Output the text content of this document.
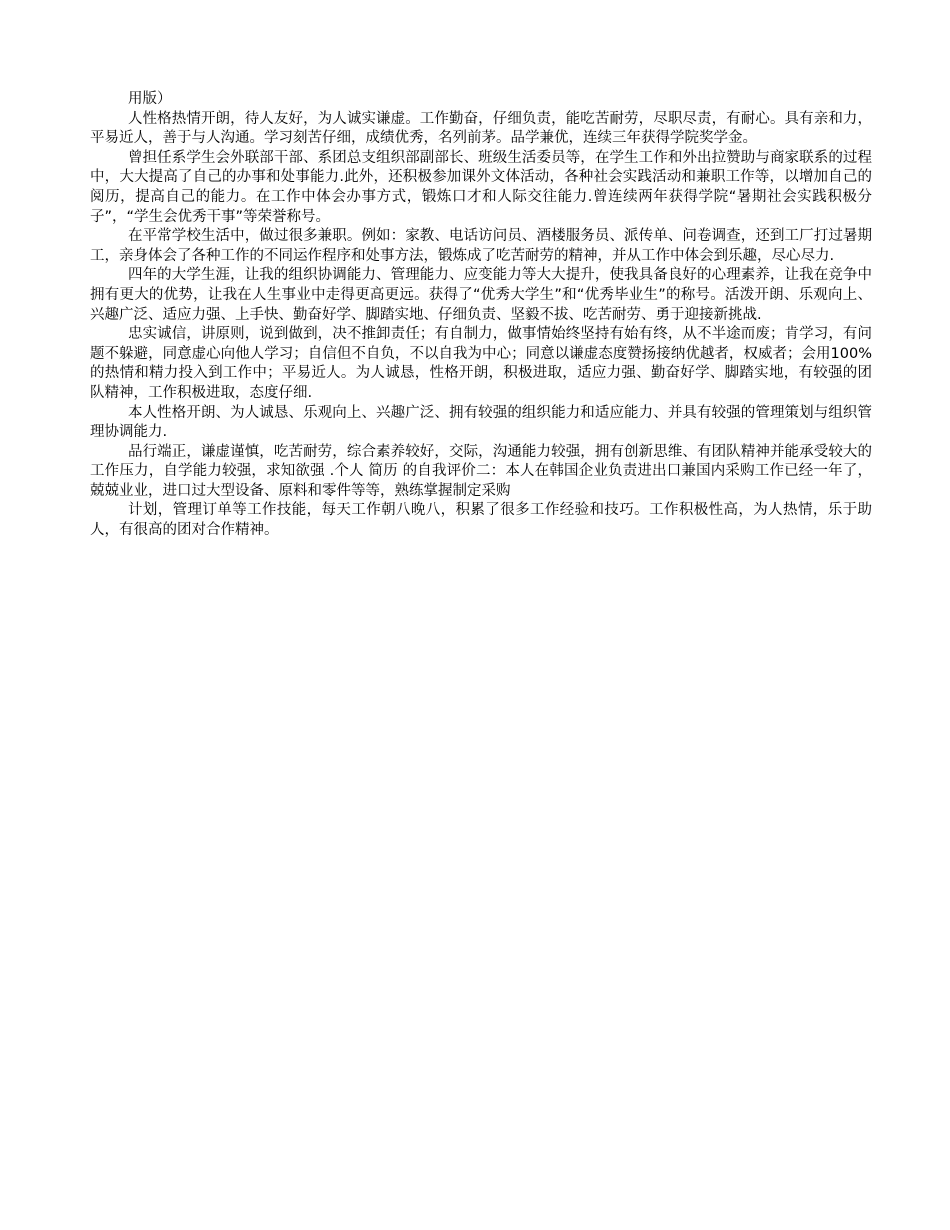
用版）

人性格热情开朗，待人友好，为人诚实谦虚。工作勤奋，仔细负责，能吃苦耐劳，尽职尽责，有耐心。具有亲和力，平易近人，善于与人沟通。学习刻苦仔细，成绩优秀，名列前茅。品学兼优，连续三年获得学院奖学金。

曾担任系学生会外联部干部、系团总支组织部副部长、班级生活委员等，在学生工作和外出拉赞助与商家联系的过程中，大大提高了自己的办事和处事能力.此外，还积极参加课外文体活动，各种社会实践活动和兼职工作等，以增加自己的阅历，提高自己的能力。在工作中体会办事方式，锻炼口才和人际交往能力.曾连续两年获得学院“暑期社会实践积极分子”，“学生会优秀干事”等荣誉称号。

在平常学校生活中，做过很多兼职。例如：家教、电话访问员、酒楼服务员、派传单、问卷调查，还到工厂打过暑期工，亲身体会了各种工作的不同运作程序和处事方法，锻炼成了吃苦耐劳的精神，并从工作中体会到乐趣，尽心尽力.

四年的大学生涯，让我的组织协调能力、管理能力、应变能力等大大提升，使我具备良好的心理素养，让我在竞争中拥有更大的优势，让我在人生事业中走得更高更远。获得了“优秀大学生”和“优秀毕业生”的称号。活泼开朗、乐观向上、兴趣广泛、适应力强、上手快、勤奋好学、脚踏实地、仔细负责、坚毅不拔、吃苦耐劳、勇于迎接新挑战.

忠实诚信，讲原则，说到做到，决不推卸责任；有自制力，做事情始终坚持有始有终，从不半途而废；肯学习，有问题不躲避，同意虚心向他人学习；自信但不自负，不以自我为中心；同意以谦虚态度赞扬接纳优越者，权威者；会用100%的热情和精力投入到工作中；平易近人。为人诚恳，性格开朗，积极进取，适应力强、勤奋好学、脚踏实地，有较强的团队精神，工作积极进取，态度仔细.

本人性格开朗、为人诚恳、乐观向上、兴趣广泛、拥有较强的组织能力和适应能力、并具有较强的管理策划与组织管理协调能力.

品行端正，谦虚谨慎，吃苦耐劳，综合素养较好，交际，沟通能力较强，拥有创新思维、有团队精神并能承受较大的工作压力，自学能力较强，求知欲强 .个人 简历 的自我评价二：本人在韩国企业负责进出口兼国内采购工作已经一年了，兢兢业业，进口过大型设备、原料和零件等等，熟练掌握制定采购

计划，管理订单等工作技能，每天工作朝八晚八，积累了很多工作经验和技巧。工作积极性高，为人热情，乐于助人，有很高的团对合作精神。
